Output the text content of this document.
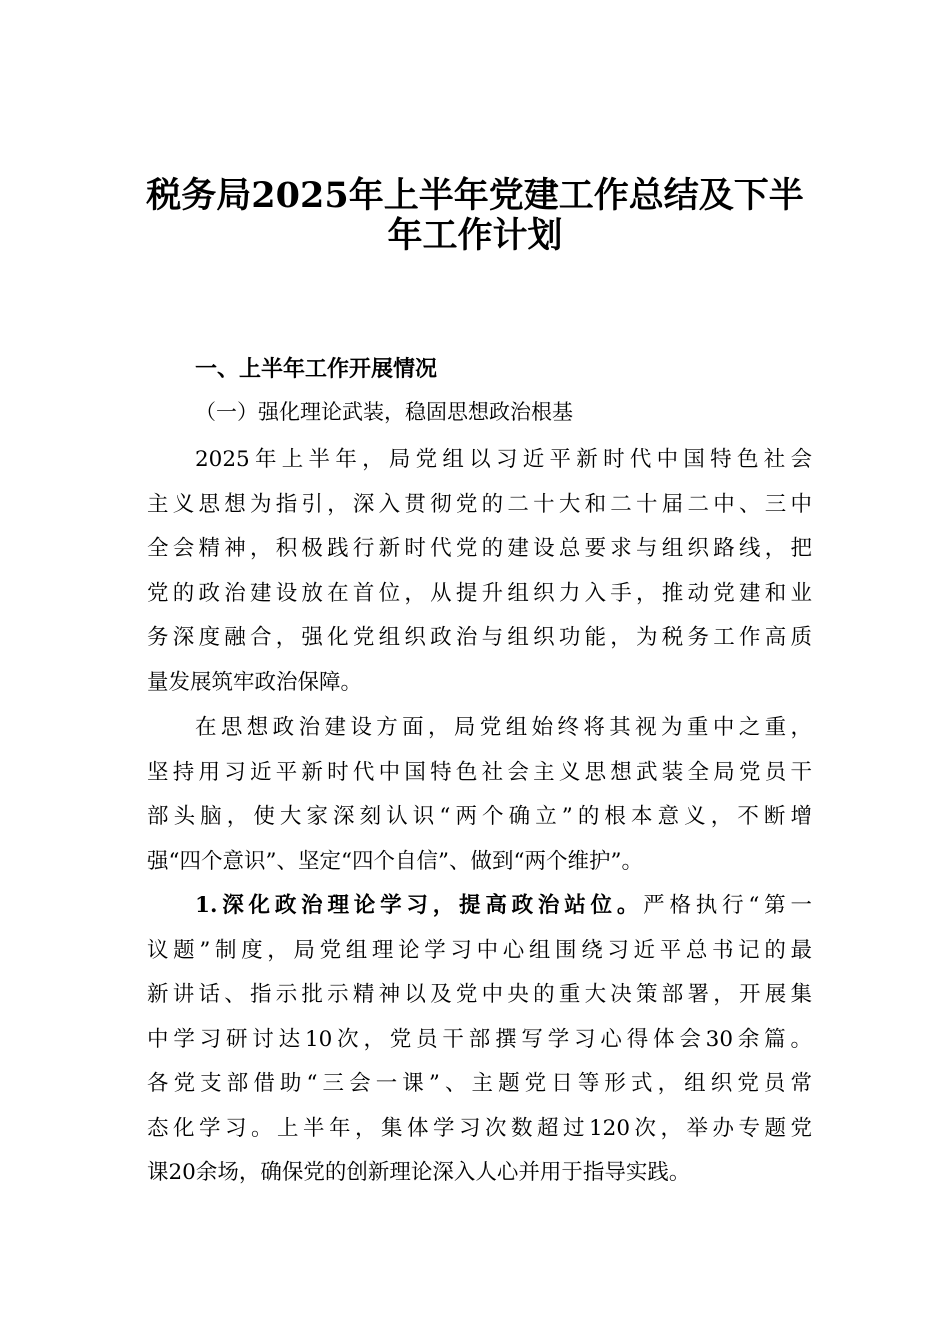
税务局2025年上半年党建工作总结及下半
年工作计划
一、上半年工作开展情况
（一）强化理论武装，稳固思想政治根基
2025年上半年，局党组以习近平新时代中国特色社会
主义思想为指引，深入贯彻党的二十大和二十届二中、三中
全会精神，积极践行新时代党的建设总要求与组织路线，把
党的政治建设放在首位，从提升组织力入手，推动党建和业
务深度融合，强化党组织政治与组织功能，为税务工作高质
量发展筑牢政治保障。
在思想政治建设方面，局党组始终将其视为重中之重，
坚持用习近平新时代中国特色社会主义思想武装全局党员干
部头脑，使大家深刻认识“两个确立”的根本意义，不断增
强“四个意识”、坚定“四个自信”、做到“两个维护”。
1.深化政治理论学习，提高政治站位。严格执行“第一
议题”制度，局党组理论学习中心组围绕习近平总书记的最
新讲话、指示批示精神以及党中央的重大决策部署，开展集
中学习研讨达10次，党员干部撰写学习心得体会30余篇。
各党支部借助“三会一课”、主题党日等形式，组织党员常
态化学习。上半年，集体学习次数超过120次，举办专题党
课20余场，确保党的创新理论深入人心并用于指导实践。
